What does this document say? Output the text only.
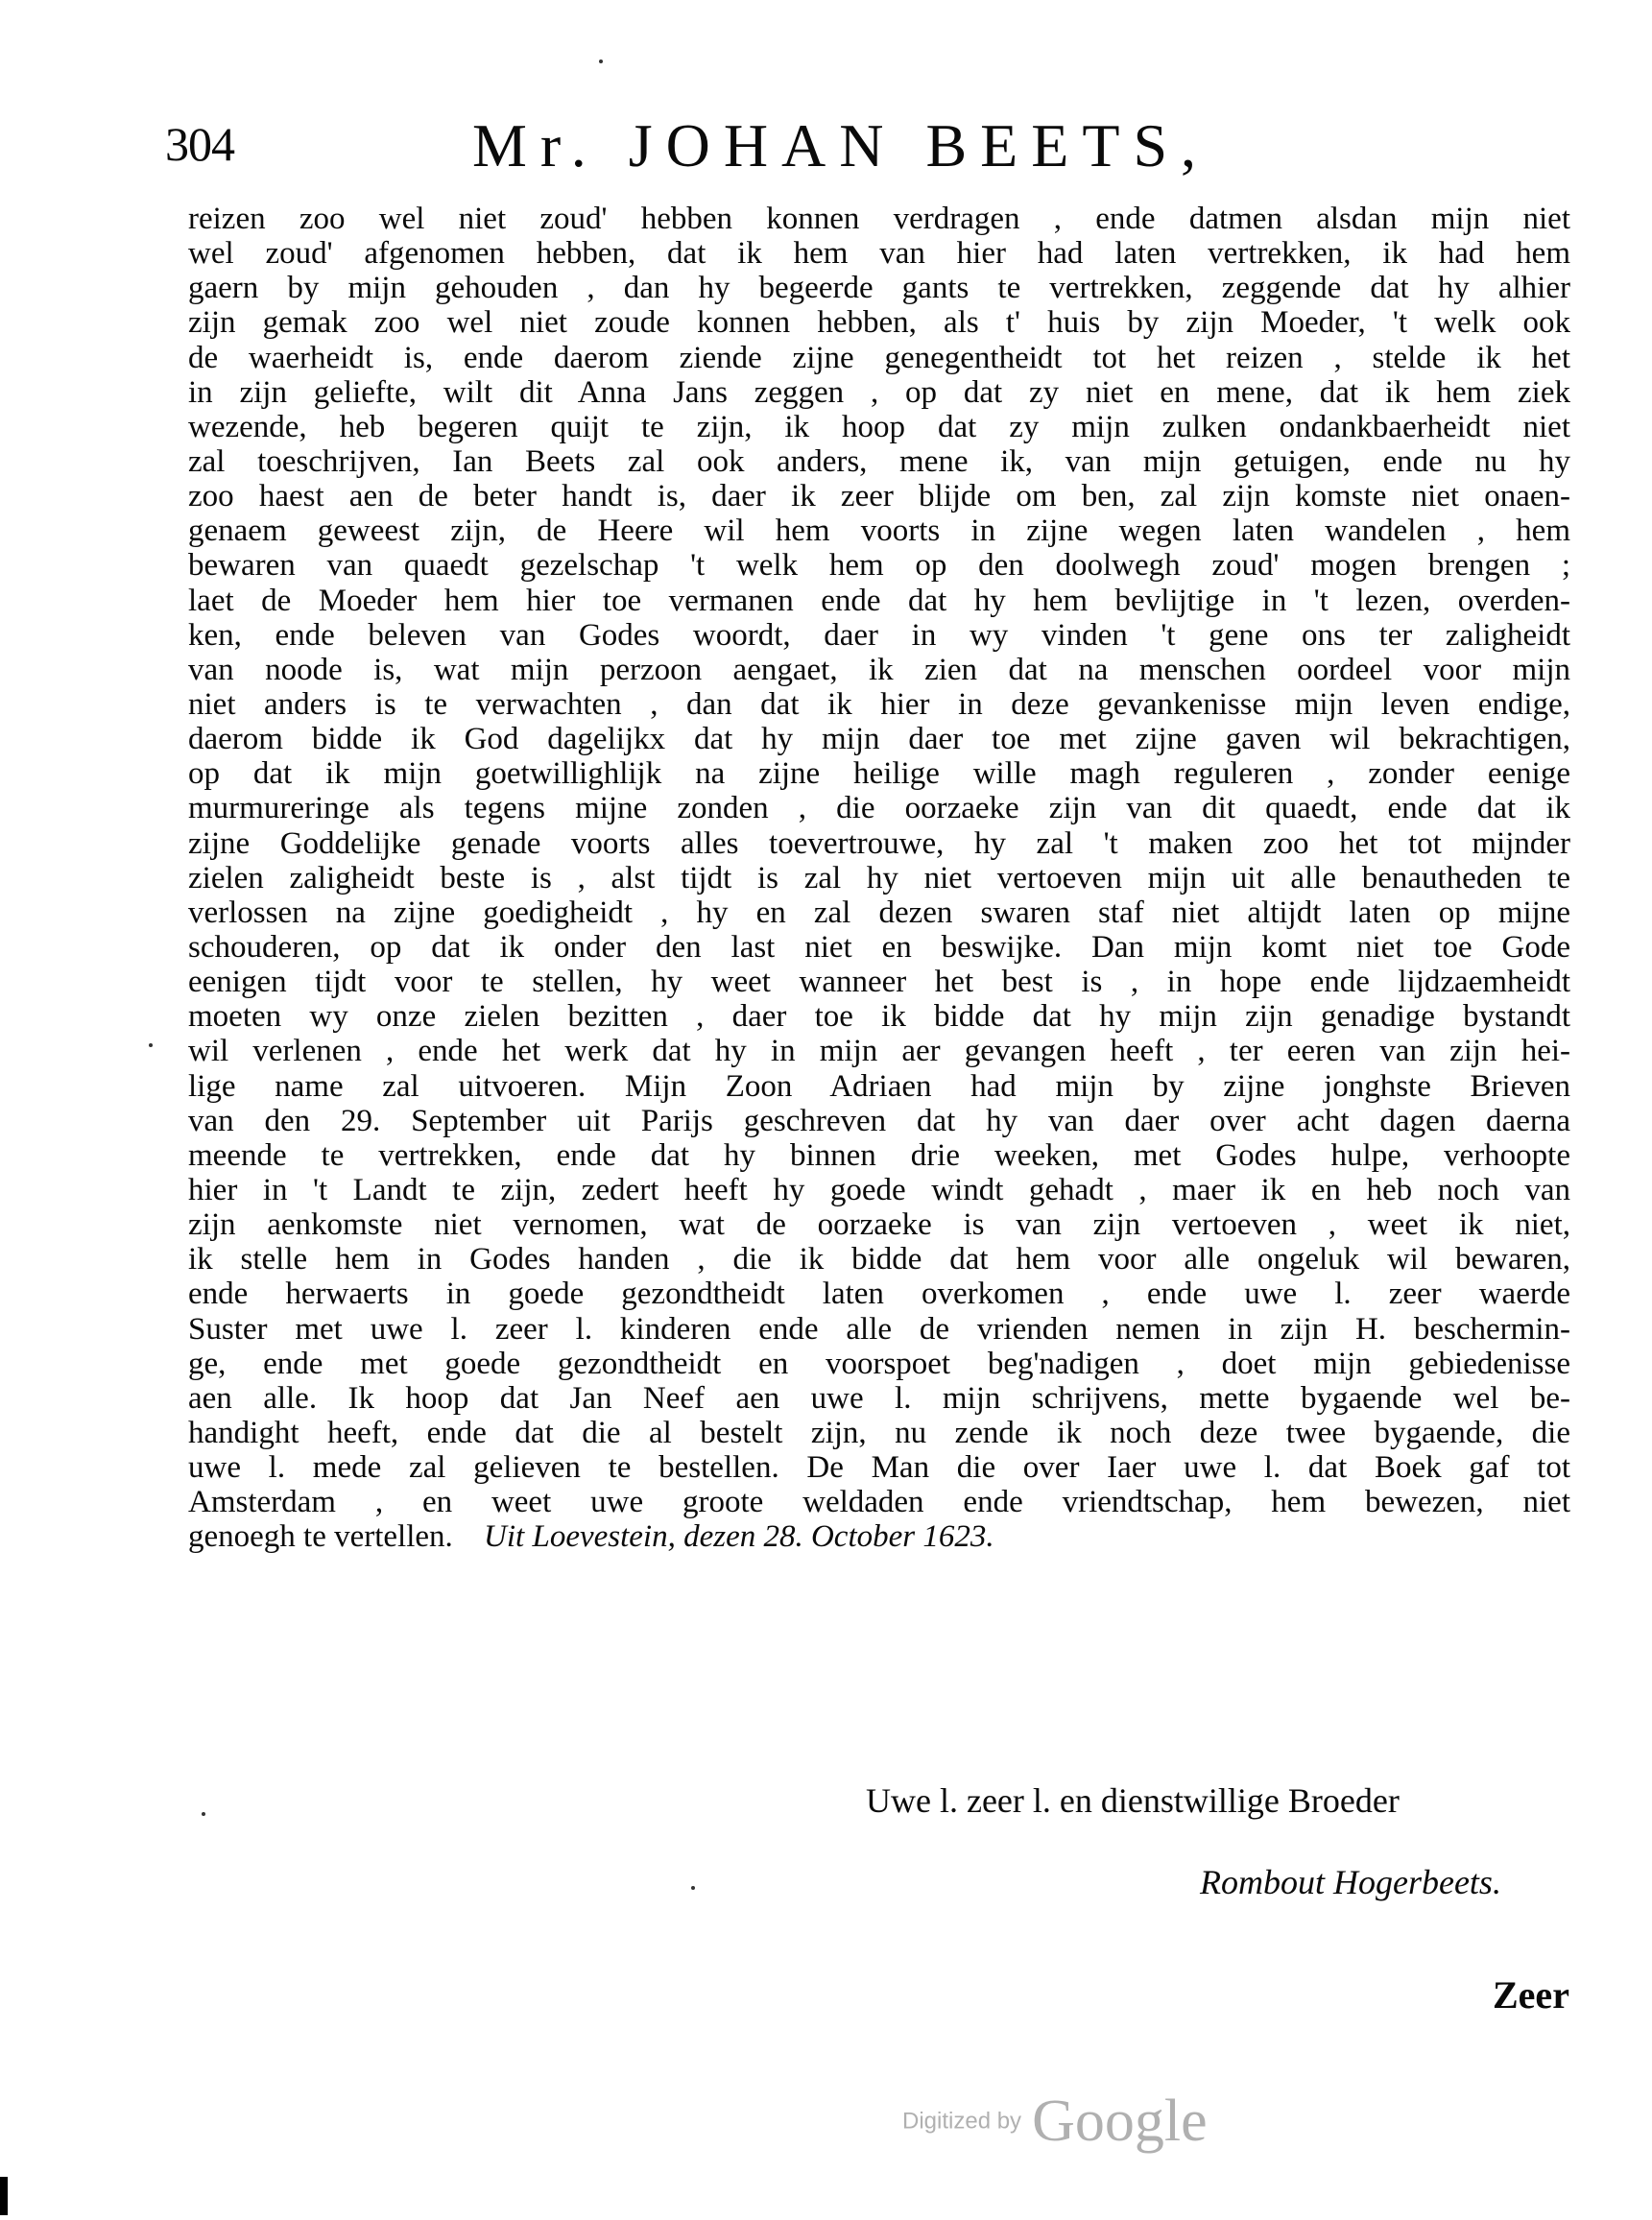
304	Mr. JOHAN BEETS,
reizen zoo wel niet zoud' hebben konnen verdragen , ende datmen alsdan mijn niet
wel zoud' afgenomen hebben, dat ik hem van hier had laten vertrekken, ik had hem
gaern by mijn gehouden , dan hy begeerde gants te vertrekken, zeggende dat hy alhier
zijn gemak zoo wel niet zoude konnen hebben, als t' huis by zijn Moeder, 't welk ook
de waerheidt is, ende daerom ziende zijne genegentheidt tot het reizen , stelde ik het
in zijn geliefte, wilt dit Anna Jans zeggen , op dat zy niet en mene, dat ik hem ziek
wezende, heb begeren quijt te zijn, ik hoop dat zy mijn zulken ondankbaerheidt niet
zal toeschrijven, Ian Beets zal ook anders, mene ik, van mijn getuigen, ende nu hy
zoo haest aen de beter handt is, daer ik zeer blijde om ben, zal zijn komste niet onaen-
genaem geweest zijn, de Heere wil hem voorts in zijne wegen laten wandelen , hem
bewaren van quaedt gezelschap 't welk hem op den doolwegh zoud' mogen brengen ;
laet de Moeder hem hier toe vermanen ende dat hy hem bevlijtige in 't lezen, overden-
ken, ende beleven van Godes woordt, daer in wy vinden 't gene ons ter zaligheidt
van noode is, wat mijn perzoon aengaet, ik zien dat na menschen oordeel voor mijn
niet anders is te verwachten , dan dat ik hier in deze gevankenisse mijn leven endige,
daerom bidde ik God dagelijkx dat hy mijn daer toe met zijne gaven wil bekrachtigen,
op dat ik mijn goetwillighlijk na zijne heilige wille magh reguleren , zonder eenige
murmureringe als tegens mijne zonden , die oorzaeke zijn van dit quaedt, ende dat ik
zijne Goddelijke genade voorts alles toevertrouwe, hy zal 't maken zoo het tot mijnder
zielen zaligheidt beste is , alst tijdt is zal hy niet vertoeven mijn uit alle benautheden te
verlossen na zijne goedigheidt , hy en zal dezen swaren staf niet altijdt laten op mijne
schouderen, op dat ik onder den last niet en beswijke. Dan mijn komt niet toe Gode
eenigen tijdt voor te stellen, hy weet wanneer het best is , in hope ende lijdzaemheidt
moeten wy onze zielen bezitten , daer toe ik bidde dat hy mijn zijn genadige bystandt
wil verlenen , ende het werk dat hy in mijn aer gevangen heeft , ter eeren van zijn hei-
lige name zal uitvoeren. Mijn Zoon Adriaen had mijn by zijne jonghste Brieven
van den 29. September uit Parijs geschreven dat hy van daer over acht dagen daerna
meende te vertrekken, ende dat hy binnen drie weeken, met Godes hulpe, verhoopte
hier in 't Landt te zijn, zedert heeft hy goede windt gehadt , maer ik en heb noch van
zijn aenkomste niet vernomen, wat de oorzaeke is van zijn vertoeven , weet ik niet,
ik stelle hem in Godes handen , die ik bidde dat hem voor alle ongeluk wil bewaren,
ende herwaerts in goede gezondtheidt laten overkomen , ende uwe l. zeer waerde
Suster met uwe l. zeer l. kinderen ende alle de vrienden nemen in zijn H. beschermin-
ge, ende met goede gezondtheidt en voorspoet beg'nadigen , doet mijn gebiedenisse
aen alle. Ik hoop dat Jan Neef aen uwe l. mijn schrijvens, mette bygaende wel be-
handight heeft, ende dat die al bestelt zijn, nu zende ik noch deze twee bygaende, die
uwe l. mede zal gelieven te bestellen. De Man die over Iaer uwe l. dat Boek gaf tot
Amsterdam , en weet uwe groote weldaden ende vriendtschap, hem bewezen, niet
genoegh te vertellen. Uit Loevestein, dezen 28. October 1623.
Uwe l. zeer l. en dienstwillige Broeder
Rombout Hogerbeets.
Zeer
Digitized by Google
